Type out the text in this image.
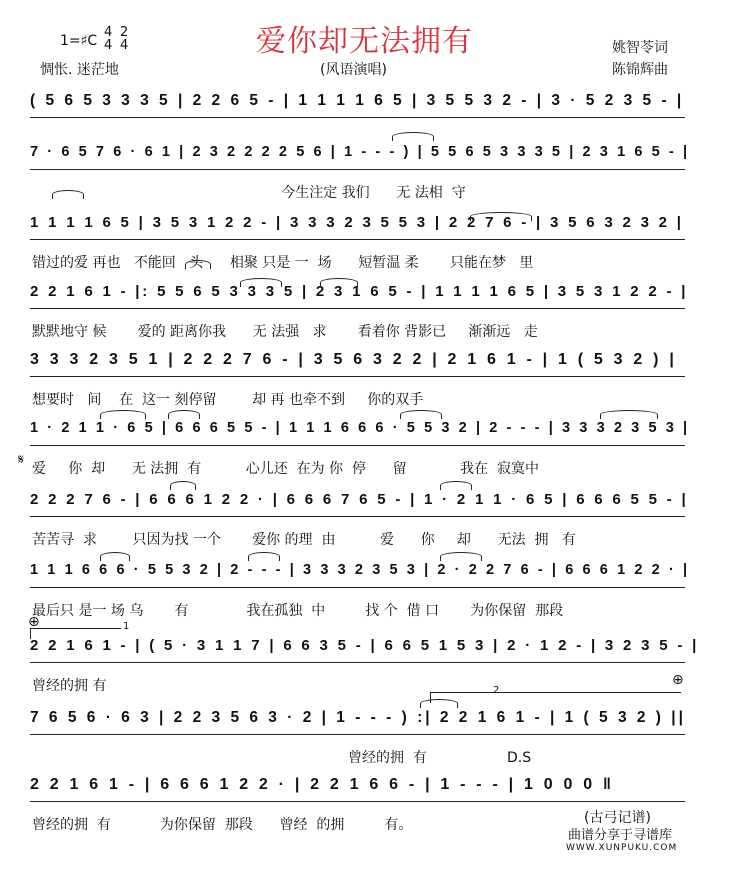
爱你却无法拥有
1=♯C
4
4
2
4
惆怅. 迷茫地	(风语演唱)
姚智苓词
陈锦辉曲
( 5 6 5 3 3 3 5 | 2 2 6 5 - | 1 1 1 1 6 5 | 3 5 5 3 2 - | 3 · 5 2 3 5 - |
7 · 6 5 7 6 · 6 1 | 2 3 2 2 2 2 5 6 | 1 - - - ) | 5 5 6 5 3 3 3 5 | 2 3 1 6 5 - |
今生注定 我们      无 法相  守
1 1 1 1 6 5 | 3 5 3 1 2 2 - | 3 3 3 2 3 5 5 3 | 2 2 7 6 - | 3 5 6 3 2 3 2 |
错过的爱 再也   不能回   头      相聚 只是 一  场      短暂温 柔       只能在梦   里
2 2 1 6 1 - |: 5 5 6 5 3 3 3 5 | 2 3 1 6 5 - | 1 1 1 1 6 5 | 3 5 3 1 2 2 - |
默默地守 候       爱的 距离你我      无 法强   求       看着你 背影已     渐渐远   走
3 3 3 2 3 5 1 | 2 2 2 7 6 - | 3 5 6 3 2 2 | 2 1 6 1 - | 1 ( 5 3 2 ) |
想要时   间    在  这一 刻停留        却 再 也牵不到     你的双手
1 · 2 1 1 · 6 5 | 6 6 6 5 5 - | 1 1 1 6 6 6 · 5 5 3 2 | 2 - - - | 3 3 3 2 3 5 3 |
爱     你  却      无 法拥  有          心儿还  在为 你  停      留            我在  寂寞中
2 2 2 7 6 - | 6 6 6 1 2 2 · | 6 6 6 7 6 5 - | 1 · 2 1 1 · 6 5 | 6 6 6 5 5 - |
苦苦寻  求        只因为找 一个       爱你 的理  由          爱      你     却      无法  拥   有
1 1 1 6 6 6 · 5 5 3 2 | 2 - - - | 3 3 3 2 3 5 3 | 2 · 2 2 7 6 - | 6 6 6 1 2 2 · |
最后只 是一 场 乌       有             我在孤独  中         找 个  借 口       为你保留  那段
2 2 1 6 1 - | ( 5 · 3 1 1 7 | 6 6 3 5 - | 6 6 5 1 5 3 | 2 · 1 2 - | 3 2 3 5 - |
曾经的拥 有
7 6 5 6 · 6 3 | 2 2 3 5 6 3 · 2 | 1 - - - ) :| 2 2 1 6 1 - | 1 ( 5 3 2 ) ||
曾经的拥  有                  D.S
2 2 1 6 1 - | 6 6 6 1 2 2 · | 2 2 1 6 6 - | 1 - - - | 1 0 0 0 ‖
曾经的拥  有           为你保留  那段      曾经  的拥         有。
1
2
⊕
⊕
𝄋
(古弓记谱)
曲谱分享于寻谱库
WWW.XUNPUKU.COM
